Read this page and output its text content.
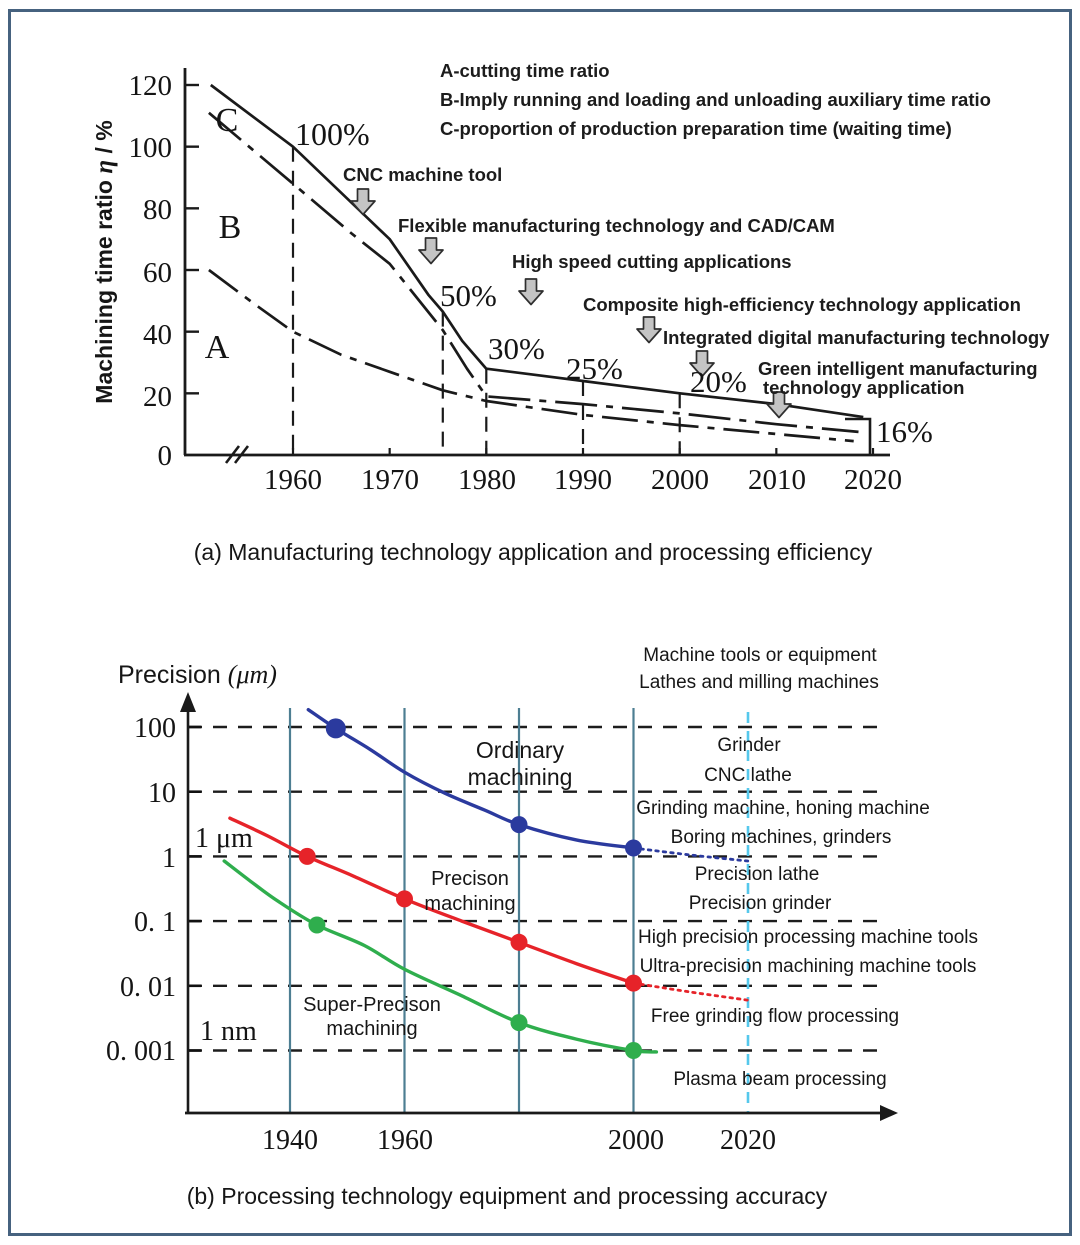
Machining time ratio η / %
120
100
80
60
40
20
0
1960 1970 1980 1990 2000 2010 2020
C
B
A
100%
50%
30%
25% 20%
16%
CNC machine tool
Flexible manufacturing technology and CAD/CAM
High speed cutting applications
Composite high-efficiency technology application
Integrated digital manufacturing technology
Green intelligent manufacturing
technology application
A-cutting time ratio
B-Imply running and loading and unloading auxiliary time ratio
C-proportion of production preparation time (waiting time)
(a) Manufacturing technology application and processing efficiency
Precision (μm)
100
10
1
0. 1
0. 01
0. 001
1 μm
1 nm
1940 1960	2000 2020
Ordinary
machining
Precison
machining
Super-Precison
machining
Machine tools or equipment
Lathes and milling machines
Grinder
CNC lathe
Grinding machine, honing machine
Boring machines, grinders
Precision lathe
Precision grinder
High precision processing machine tools
Ultra-precision machining machine tools
Free grinding flow processing
Plasma beam processing
(b) Processing technology equipment and processing accuracy
